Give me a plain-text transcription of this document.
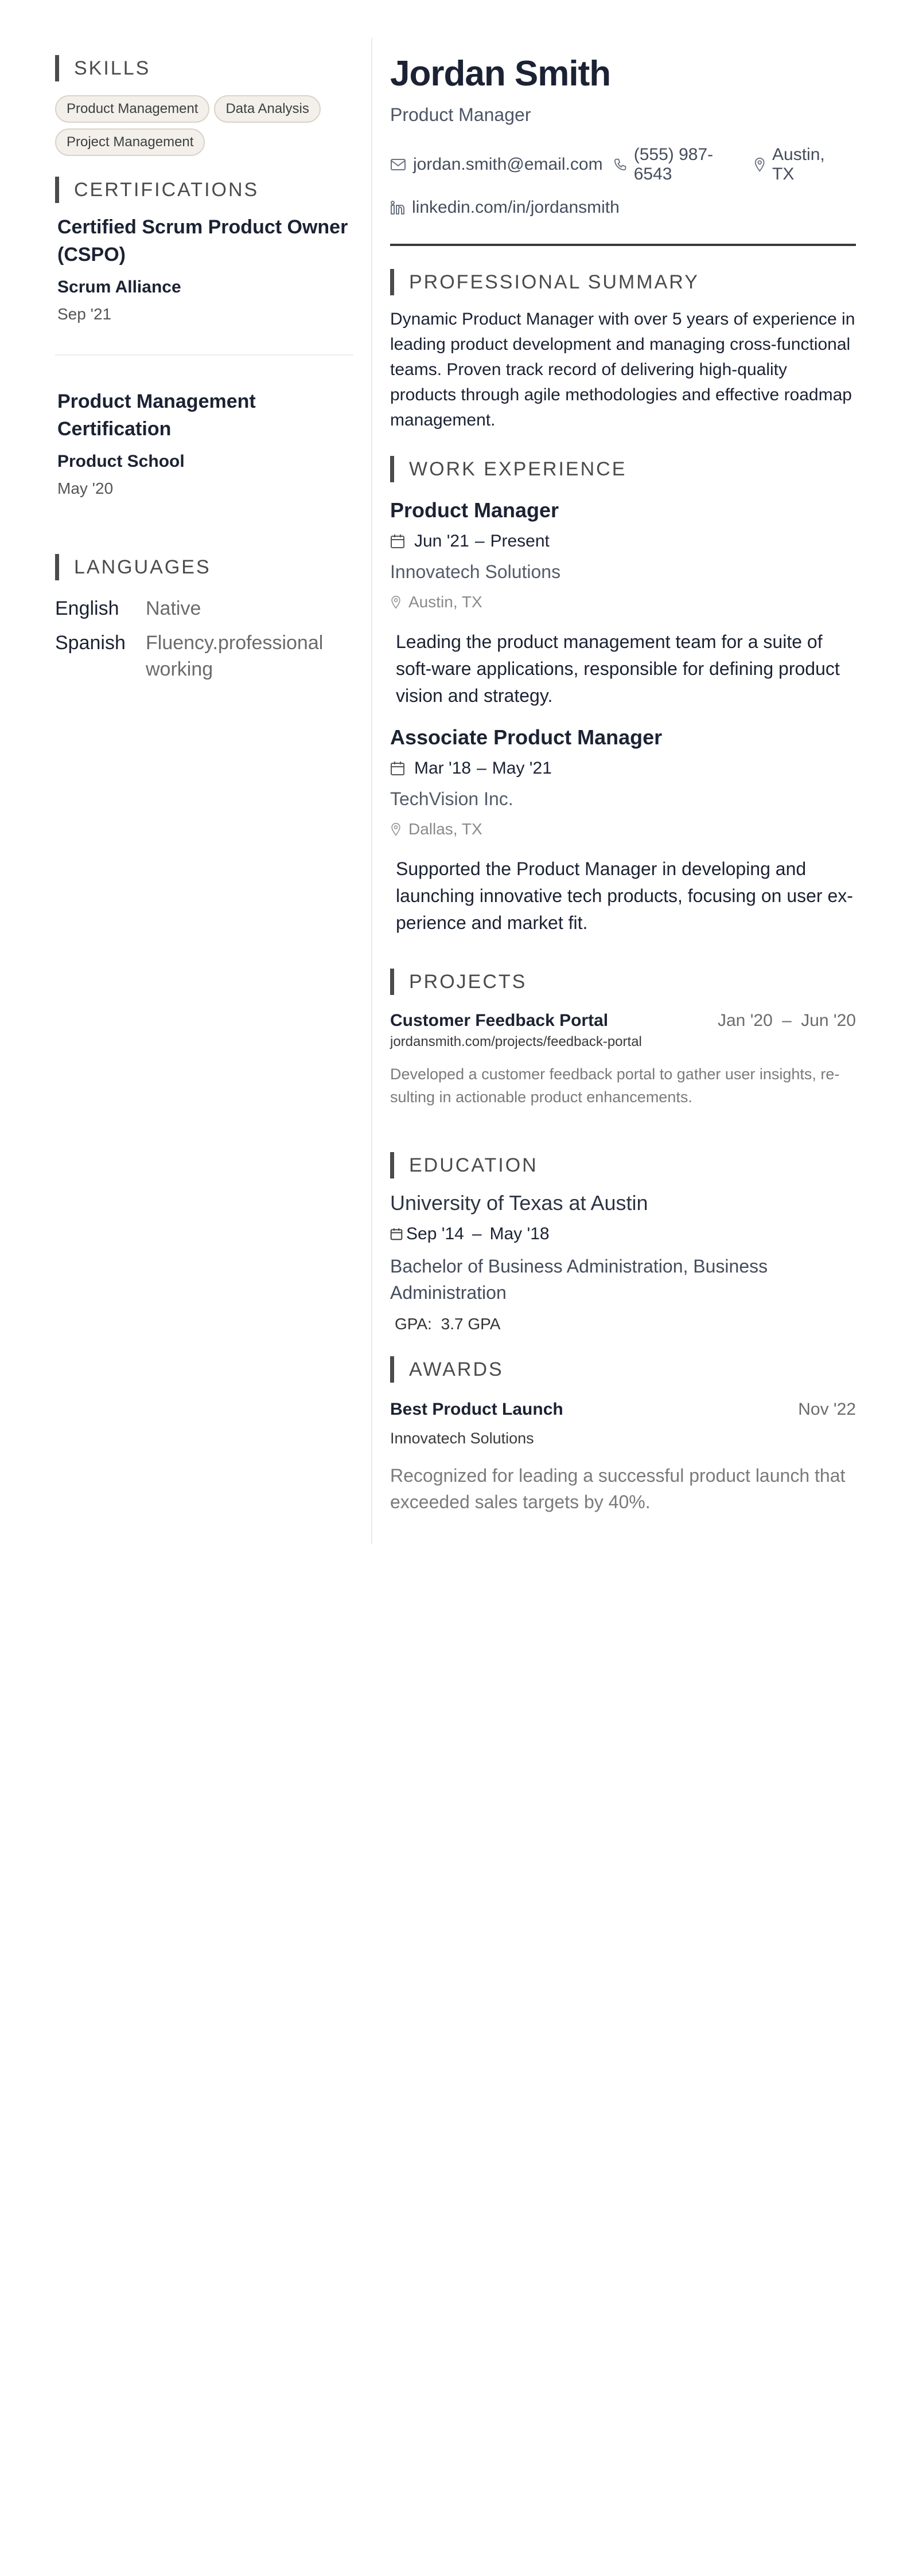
SKILLS
Product Management	Data Analysis
Project Management
CERTIFICATIONS

Certified Scrum Product Owner (CSPO)

Scrum Alliance
Sep '21

Product Management Certification

Product School
May '20
LANGUAGES
English	Native
Spanish	Fluency.professional working
Jordan Smith
Product Manager
jordan.smith@email.com
(555) 987-6543
Austin, TX
linkedin.com/in/jordansmith
PROFESSIONAL SUMMARY

Dynamic Product Manager with over 5 years of experience in leading product development and managing cross-functional teams. Proven track record of delivering high-quality products through agile methodologies and effective roadmap management.

WORK EXPERIENCE
Product Manager
Jun '21 – Present
Innovatech Solutions
Austin, TX
Leading the product management team for a suite of soft-ware applications, responsible for defining product vision and strategy.
Associate Product Manager
Mar '18 – May '21
TechVision Inc.
Dallas, TX
Supported the Product Manager in developing and launching innovative tech products, focusing on user ex-perience and market fit.
PROJECTS
Customer Feedback Portal	Jan '20 – Jun '20
jordansmith.com/projects/feedback-portal
Developed a customer feedback portal to gather user insights, re-sulting in actionable product enhancements.
EDUCATION
University of Texas at Austin
Sep '14 – May '18
Bachelor of Business Administration, Business Administration
GPA: 3.7 GPA
AWARDS
Best Product Launch	Nov '22
Innovatech Solutions
Recognized for leading a successful product launch that exceeded sales targets by 40%.
